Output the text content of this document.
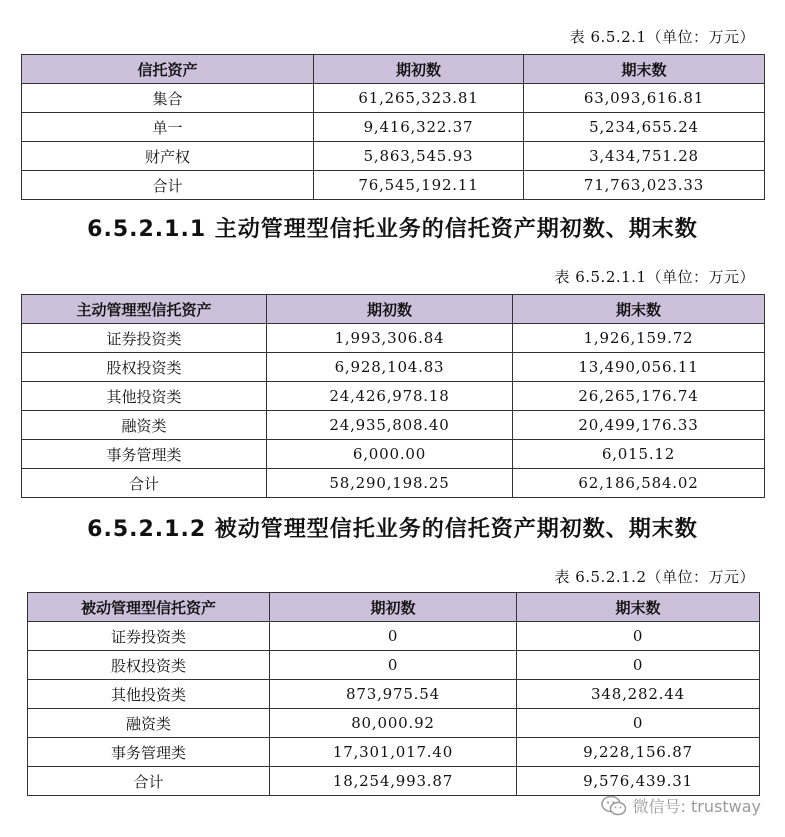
表 6.5.2.1（单位：万元）
信托资产	期初数	期末数
集合	61,265,323.81	63,093,616.81
单一	9,416,322.37	5,234,655.24
财产权	5,863,545.93	3,434,751.28
合计	76,545,192.11	71,763,023.33
6.5.2.1.1 主动管理型信托业务的信托资产期初数、期末数
表 6.5.2.1.1（单位：万元）
主动管理型信托资产	期初数	期末数
证券投资类	1,993,306.84	1,926,159.72
股权投资类	6,928,104.83	13,490,056.11
其他投资类	24,426,978.18	26,265,176.74
融资类	24,935,808.40	20,499,176.33
事务管理类	6,000.00	6,015.12
合计	58,290,198.25	62,186,584.02
6.5.2.1.2 被动管理型信托业务的信托资产期初数、期末数
表 6.5.2.1.2（单位：万元）
被动管理型信托资产	期初数	期末数
证券投资类	0	0
股权投资类	0	0
其他投资类	873,975.54	348,282.44
融资类	80,000.92	0
事务管理类	17,301,017.40	9,228,156.87
合计	18,254,993.87	9,576,439.31
微信号: trustway
